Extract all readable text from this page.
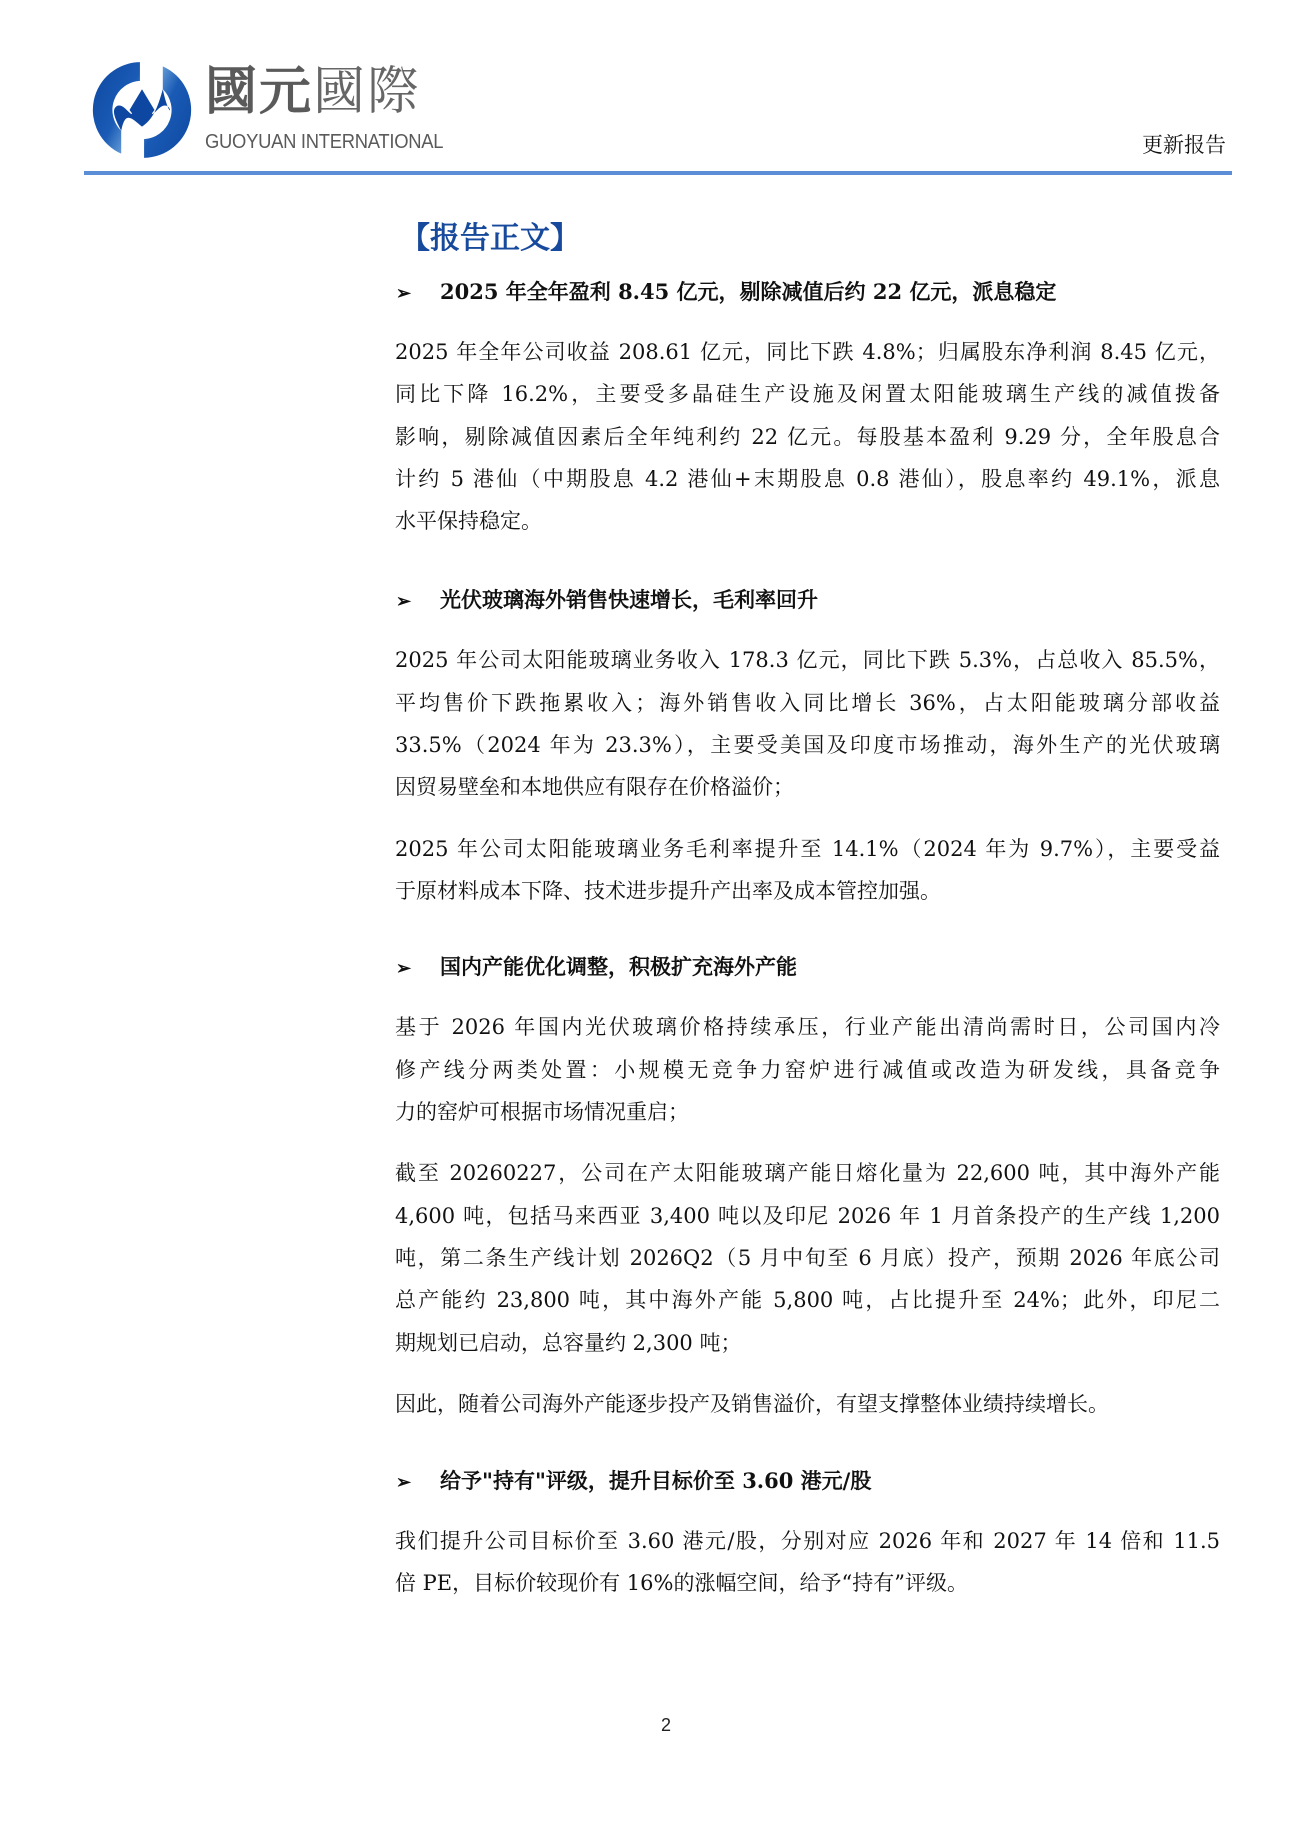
國元國際
GUOYUAN INTERNATIONAL	更新报告
【报告正文】
➢ 2025 年全年盈利 8.45 亿元，剔除减值后约 22 亿元，派息稳定
2025 年全年公司收益 208.61 亿元，同比下跌 4.8%；归属股东净利润 8.45 亿元，
同比下降 16.2%，主要受多晶硅生产设施及闲置太阳能玻璃生产线的减值拨备
影响，剔除减值因素后全年纯利约 22 亿元。每股基本盈利 9.29 分，全年股息合
计约 5 港仙（中期股息 4.2 港仙+末期股息 0.8 港仙），股息率约 49.1%，派息
水平保持稳定。
➢ 光伏玻璃海外销售快速增长，毛利率回升
2025 年公司太阳能玻璃业务收入 178.3 亿元，同比下跌 5.3%，占总收入 85.5%，
平均售价下跌拖累收入；海外销售收入同比增长 36%，占太阳能玻璃分部收益
33.5%（2024 年为 23.3%），主要受美国及印度市场推动，海外生产的光伏玻璃
因贸易壁垒和本地供应有限存在价格溢价；
2025 年公司太阳能玻璃业务毛利率提升至 14.1%（2024 年为 9.7%），主要受益
于原材料成本下降、技术进步提升产出率及成本管控加强。
➢ 国内产能优化调整，积极扩充海外产能
基于 2026 年国内光伏玻璃价格持续承压，行业产能出清尚需时日，公司国内冷
修产线分两类处置：小规模无竞争力窑炉进行减值或改造为研发线，具备竞争
力的窑炉可根据市场情况重启；
截至 20260227，公司在产太阳能玻璃产能日熔化量为 22,600 吨，其中海外产能
4,600 吨，包括马来西亚 3,400 吨以及印尼 2026 年 1 月首条投产的生产线 1,200
吨，第二条生产线计划 2026Q2（5 月中旬至 6 月底）投产，预期 2026 年底公司
总产能约 23,800 吨，其中海外产能 5,800 吨，占比提升至 24%；此外，印尼二
期规划已启动，总容量约 2,300 吨；
因此，随着公司海外产能逐步投产及销售溢价，有望支撑整体业绩持续增长。
➢ 给予"持有"评级，提升目标价至 3.60 港元/股
我们提升公司目标价至 3.60 港元/股，分别对应 2026 年和 2027 年 14 倍和 11.5
倍 PE，目标价较现价有 16%的涨幅空间，给予“持有”评级。
2
